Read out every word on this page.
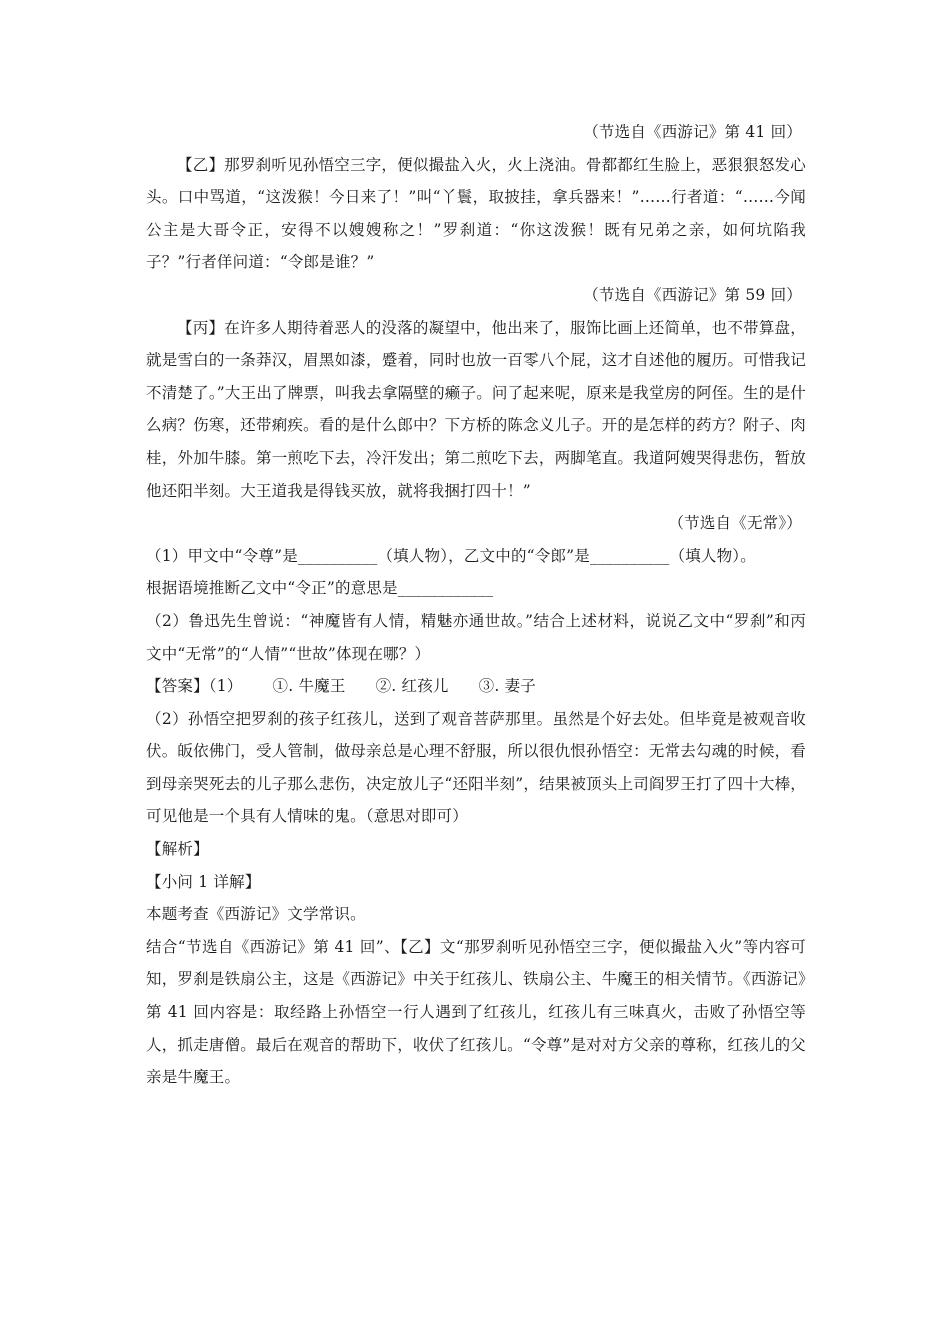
（节选自《西游记》第 41 回）

【乙】那罗刹听见孙悟空三字，便似撮盐入火，火上浇油。骨都都红生脸上，恶狠狠怒发心头。口中骂道，“这泼猴！今日来了！”叫“丫鬟，取披挂，拿兵器来！”……行者道：“……今闻公主是大哥令正，安得不以嫂嫂称之！”罗刹道：“你这泼猴！既有兄弟之亲，如何坑陷我子？”行者佯问道：“令郎是谁？”

（节选自《西游记》第 59 回）

【丙】在许多人期待着恶人的没落的凝望中，他出来了，服饰比画上还简单，也不带算盘，就是雪白的一条莽汉，眉黑如漆，蹙着，同时也放一百零八个屁，这才自述他的履历。可惜我记不清楚了。”大王出了牌票，叫我去拿隔壁的癞子。问了起来呢，原来是我堂房的阿侄。生的是什么病？伤寒，还带痢疾。看的是什么郎中？下方桥的陈念义儿子。开的是怎样的药方？附子、肉桂，外加牛膝。第一煎吃下去，冷汗发出；第二煎吃下去，两脚笔直。我道阿嫂哭得悲伤，暂放他还阳半刻。大王道我是得钱买放，就将我捆打四十！”

（节选自《无常》）

（1）甲文中“令尊”是__________（填人物），乙文中的“令郎”是__________（填人物）。

根据语境推断乙文中“令正”的意思是____________

（2）鲁迅先生曾说：“神魔皆有人情，精魅亦通世故。”结合上述材料，说说乙文中“罗刹”和丙文中“无常”的“人情”“世故”体现在哪？）

【答案】（1） ①. 牛魔王 ②. 红孩儿 ③. 妻子

（2）孙悟空把罗刹的孩子红孩儿，送到了观音菩萨那里。虽然是个好去处。但毕竟是被观音收伏。皈依佛门，受人管制，做母亲总是心理不舒服，所以很仇恨孙悟空：无常去勾魂的时候，看到母亲哭死去的儿子那么悲伤，决定放儿子“还阳半刻”，结果被顶头上司阎罗王打了四十大棒，可见他是一个具有人情味的鬼。（意思对即可）

【解析】

【小问 1 详解】

本题考查《西游记》文学常识。

结合“节选自《西游记》第 41 回”、【乙】文“那罗刹听见孙悟空三字，便似撮盐入火”等内容可知，罗刹是铁扇公主，这是《西游记》中关于红孩儿、铁扇公主、牛魔王的相关情节。《西游记》第 41 回内容是：取经路上孙悟空一行人遇到了红孩儿，红孩儿有三味真火，击败了孙悟空等人，抓走唐僧。最后在观音的帮助下，收伏了红孩儿。“令尊”是对对方父亲的尊称，红孩儿的父亲是牛魔王。
